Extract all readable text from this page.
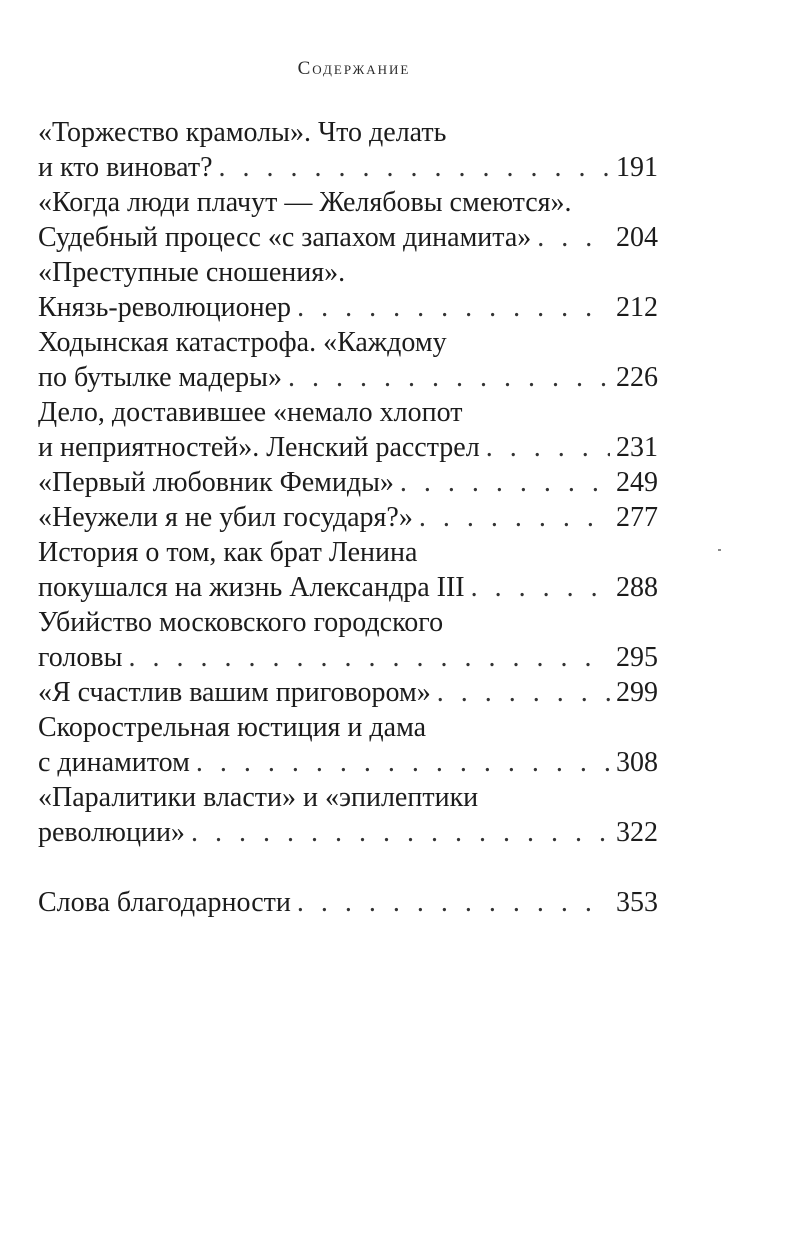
Содержание
«Торжество крамолы». Что делать
и кто виноват? . . .	191
«Когда люди плачут — Желябовы смеются».
Судебный процесс «с запахом динамита» . . .	204
«Преступные сношения».
Князь-революционер . . .	212
Ходынская катастрофа. «Каждому
по бутылке мадеры» . . .	226
Дело, доставившее «немало хлопот
и неприятностей». Ленский расстрел . . .	231
«Первый любовник Фемиды» . . .	249
«Неужели я не убил государя?» . . .	277
История о том, как брат Ленина
покушался на жизнь Александра III . . .	288
Убийство московского городского
головы . . .	295
«Я счастлив вашим приговором» . . .	299
Скорострельная юстиция и дама
с динамитом . . .	308
«Паралитики власти» и «эпилептики
революции» . . .	322
Слова благодарности . . .	353
